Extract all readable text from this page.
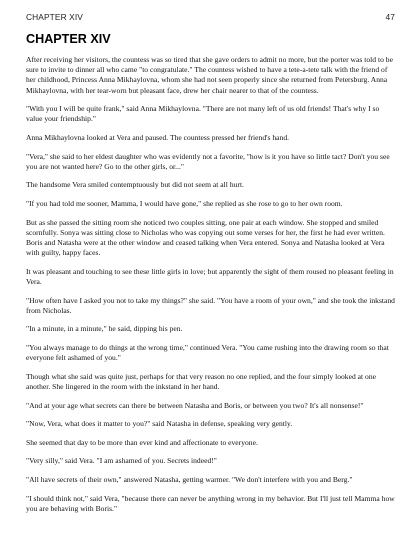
CHAPTER XIV	47
CHAPTER XIV

After receiving her visitors, the countess was so tired that she gave orders to admit no more, but the porter was told to be sure to invite to dinner all who came "to congratulate." The countess wished to have a tete-a-tete talk with the friend of her childhood, Princess Anna Mikhaylovna, whom she had not seen properly since she returned from Petersburg. Anna Mikhaylovna, with her tear-worn but pleasant face, drew her chair nearer to that of the countess.

"With you I will be quite frank," said Anna Mikhaylovna. "There are not many left of us old friends! That's why I so value your friendship."

Anna Mikhaylovna looked at Vera and paused. The countess pressed her friend's hand.

"Vera," she said to her eldest daughter who was evidently not a favorite, "how is it you have so little tact? Don't you see you are not wanted here? Go to the other girls, or..."

The handsome Vera smiled contemptuously but did not seem at all hurt.

"If you had told me sooner, Mamma, I would have gone," she replied as she rose to go to her own room.

But as she passed the sitting room she noticed two couples sitting, one pair at each window. She stopped and smiled scornfully. Sonya was sitting close to Nicholas who was copying out some verses for her, the first he had ever written. Boris and Natasha were at the other window and ceased talking when Vera entered. Sonya and Natasha looked at Vera with guilty, happy faces.

It was pleasant and touching to see these little girls in love; but apparently the sight of them roused no pleasant feeling in Vera.

"How often have I asked you not to take my things?" she said. "You have a room of your own," and she took the inkstand from Nicholas.

"In a minute, in a minute," he said, dipping his pen.

"You always manage to do things at the wrong time," continued Vera. "You came rushing into the drawing room so that everyone felt ashamed of you."

Though what she said was quite just, perhaps for that very reason no one replied, and the four simply looked at one another. She lingered in the room with the inkstand in her hand.

"And at your age what secrets can there be between Natasha and Boris, or between you two? It's all nonsense!"

"Now, Vera, what does it matter to you?" said Natasha in defense, speaking very gently.

She seemed that day to be more than ever kind and affectionate to everyone.

"Very silly," said Vera. "I am ashamed of you. Secrets indeed!"

"All have secrets of their own," answered Natasha, getting warmer. "We don't interfere with you and Berg."

"I should think not," said Vera, "because there can never be anything wrong in my behavior. But I'll just tell Mamma how you are behaving with Boris."
